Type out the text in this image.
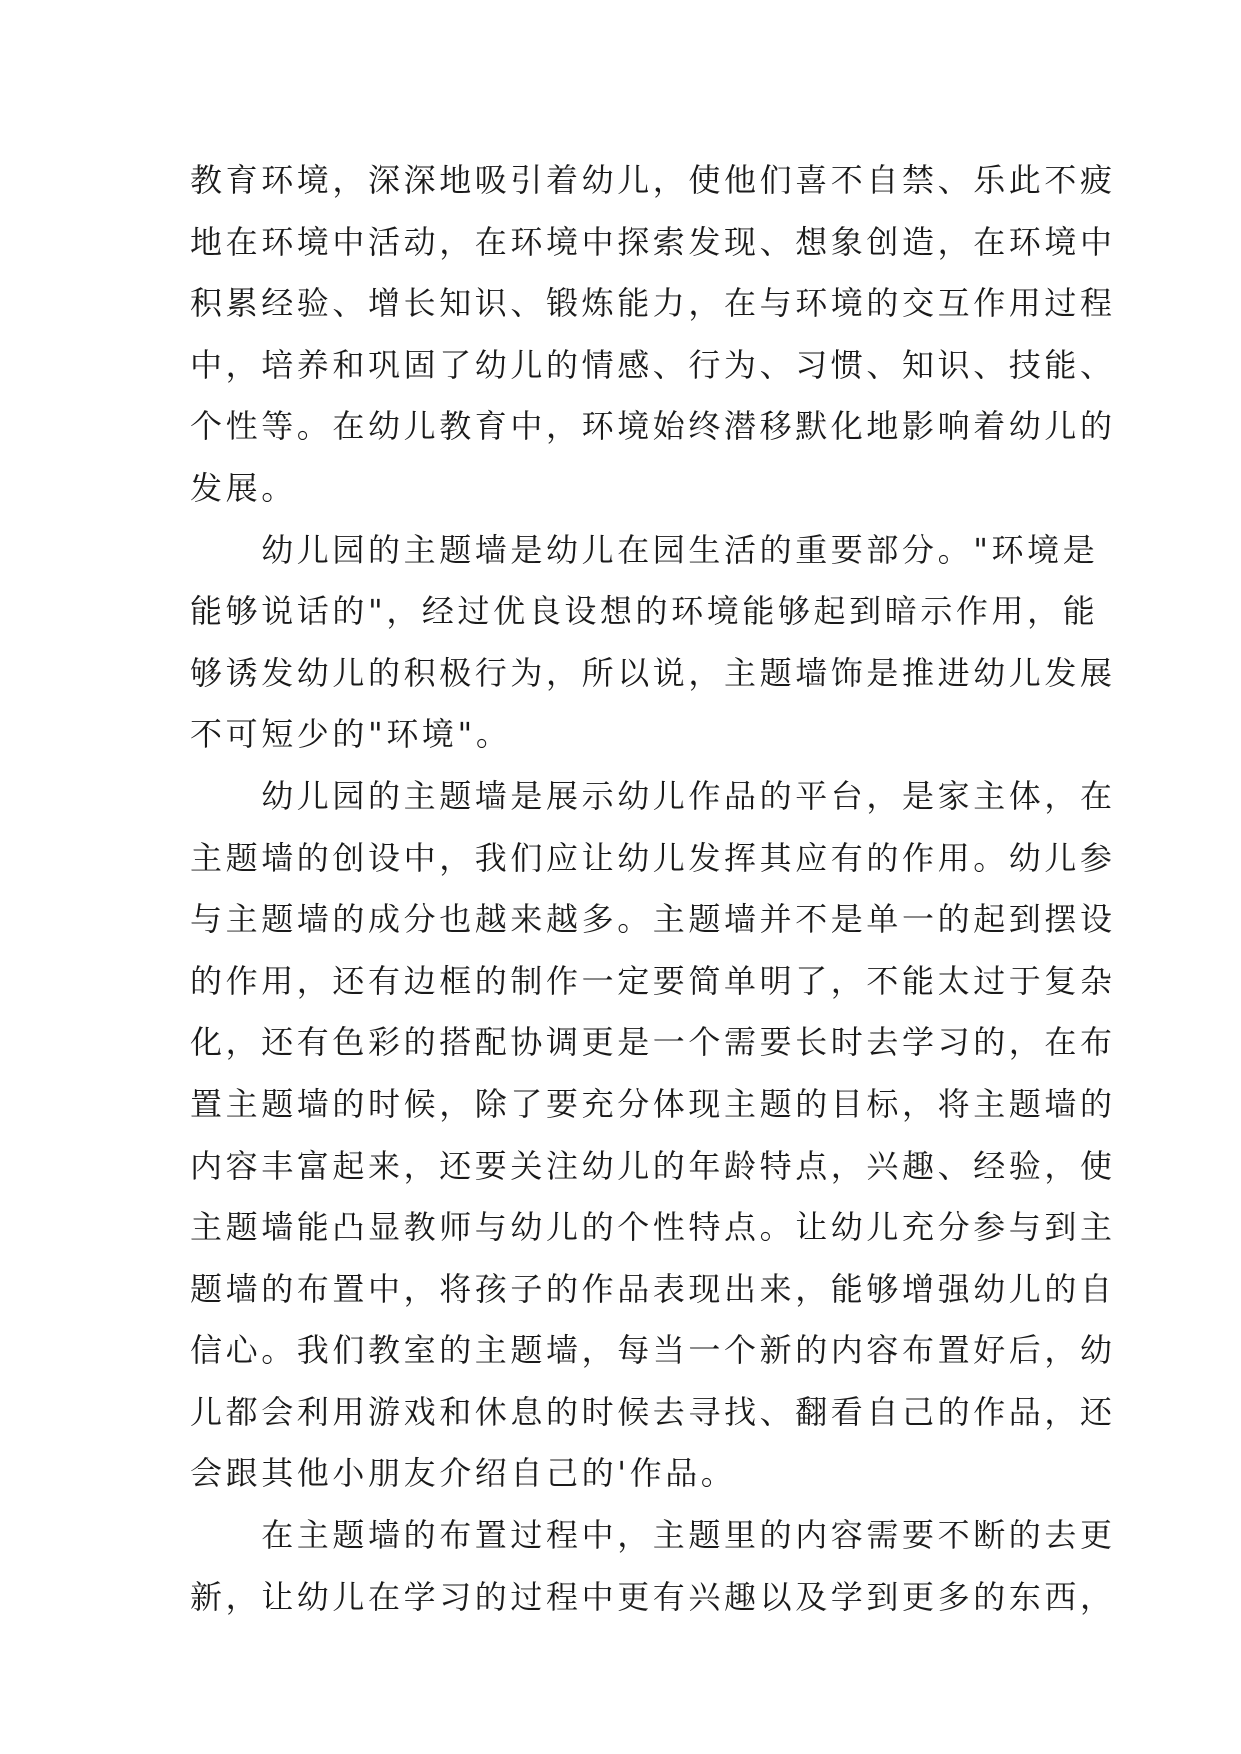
教育环境，深深地吸引着幼儿，使他们喜不自禁、乐此不疲
地在环境中活动，在环境中探索发现、想象创造，在环境中
积累经验、增长知识、锻炼能力，在与环境的交互作用过程
中，培养和巩固了幼儿的情感、行为、习惯、知识、技能、
个性等。在幼儿教育中，环境始终潜移默化地影响着幼儿的
发展。
　　幼儿园的主题墙是幼儿在园生活的重要部分。"环境是
能够说话的"，经过优良设想的环境能够起到暗示作用，能
够诱发幼儿的积极行为，所以说，主题墙饰是推进幼儿发展
不可短少的"环境"。
　　幼儿园的主题墙是展示幼儿作品的平台，是家主体，在
主题墙的创设中，我们应让幼儿发挥其应有的作用。幼儿参
与主题墙的成分也越来越多。主题墙并不是单一的起到摆设
的作用，还有边框的制作一定要简单明了，不能太过于复杂
化，还有色彩的搭配协调更是一个需要长时去学习的，在布
置主题墙的时候，除了要充分体现主题的目标，将主题墙的
内容丰富起来，还要关注幼儿的年龄特点，兴趣、经验，使
主题墙能凸显教师与幼儿的个性特点。让幼儿充分参与到主
题墙的布置中，将孩子的作品表现出来，能够增强幼儿的自
信心。我们教室的主题墙，每当一个新的内容布置好后，幼
儿都会利用游戏和休息的时候去寻找、翻看自己的作品，还
会跟其他小朋友介绍自己的'作品。
　　在主题墙的布置过程中，主题里的内容需要不断的去更
新，让幼儿在学习的过程中更有兴趣以及学到更多的东西，
